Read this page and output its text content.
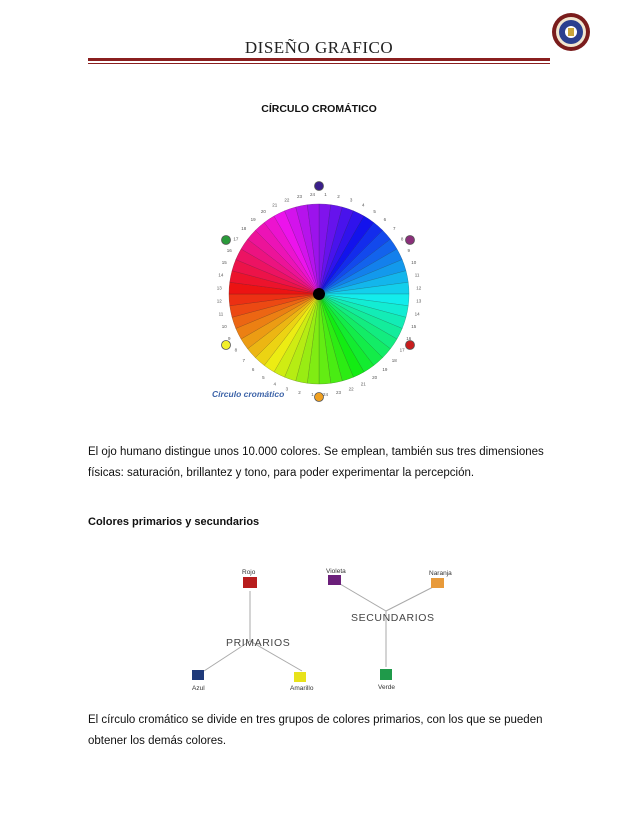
DISEÑO GRAFICO
CÍRCULO CROMÁTICO
1 2
3
4
5
6
7
8
9
10
11
12
13
14
15
16
17
18
19
20
21
22
23
24
1
2
3
4
5
6
7
8
9
10
11
12
13
14
15
16
17
18
19
20
21
22
23 24
Círculo cromático
El ojo humano distingue unos 10.000 colores. Se emplean, también sus tres dimensiones físicas: saturación, brillantez y tono, para poder experimentar la percepción.
Colores primarios y secundarios
Rojo
Azul	Amarillo
PRIMARIOS
Violeta	Naranja
SECUNDARIOS
Verde
El círculo cromático se divide en tres grupos de colores primarios, con los que se pueden obtener los demás colores.
